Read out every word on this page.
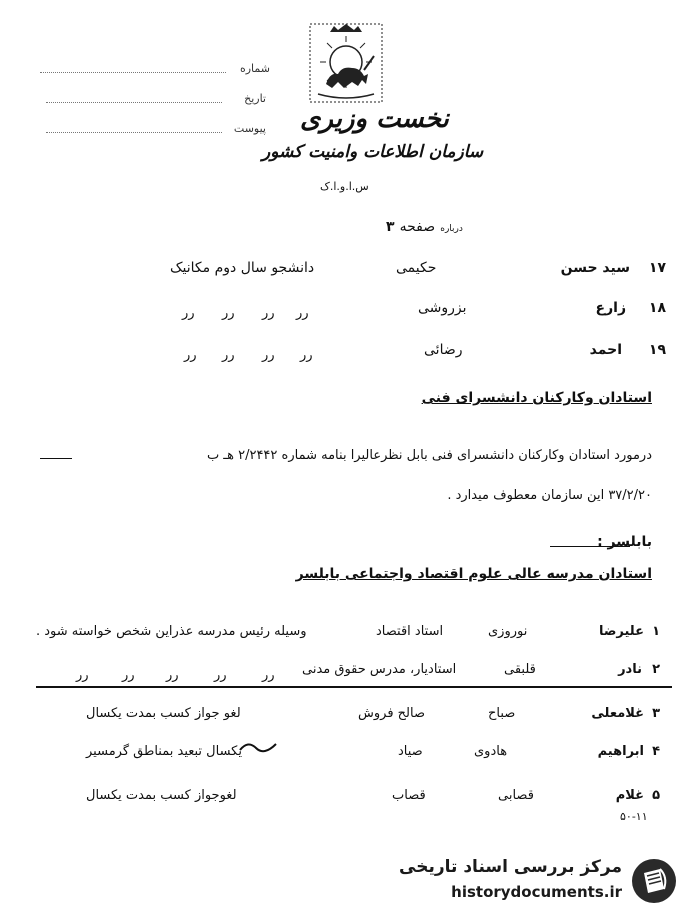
شماره
تاریخ
پیوست نخست وزیری
سازمان اطلاعات وامنیت کشور
س.ا.و.ا.ک
درباره صفحه ۳
۱۷
سید حسن
حکیمی
دانشجو سال دوم مکانیک
۱۸
زارع
بزروشی
رر
رر
رر
رر
۱۹
احمد
رضائی
رر
رر
رر
رر
استادان وکارکنان دانشسرای فنی
درمورد استادان وکارکنان دانشسرای فنی بابل نظرعالیرا بنامه شماره ۲/۲۴۴۲ هـ ب
۳۷/۲/۲۰ این سازمان معطوف میدارد .
بابلسر :
استادان مدرسه عالی علوم اقتصاد واجتماعی بابلسر
۱
علیرضا
نوروزی
استاد اقتصاد
وسیله رئیس مدرسه عذراین شخص خواسته شود .
۲
نادر
قلبقی
استادیار، مدرس حقوق مدنی
رر
رر
رر
رر
رر
۳
غلامعلی
صباح
صالح فروش
لغو جواز کسب بمدت یکسال
۴
ابراهیم
هادوی
صیاد
یکسال تبعید بمناطق گرمسیر
۵
غلام
قصابی
قصاب
لغوجواز کسب بمدت یکسال
۵۰-۱۱
مرکز بررسی اسناد تاریخی
historydocuments.ir
